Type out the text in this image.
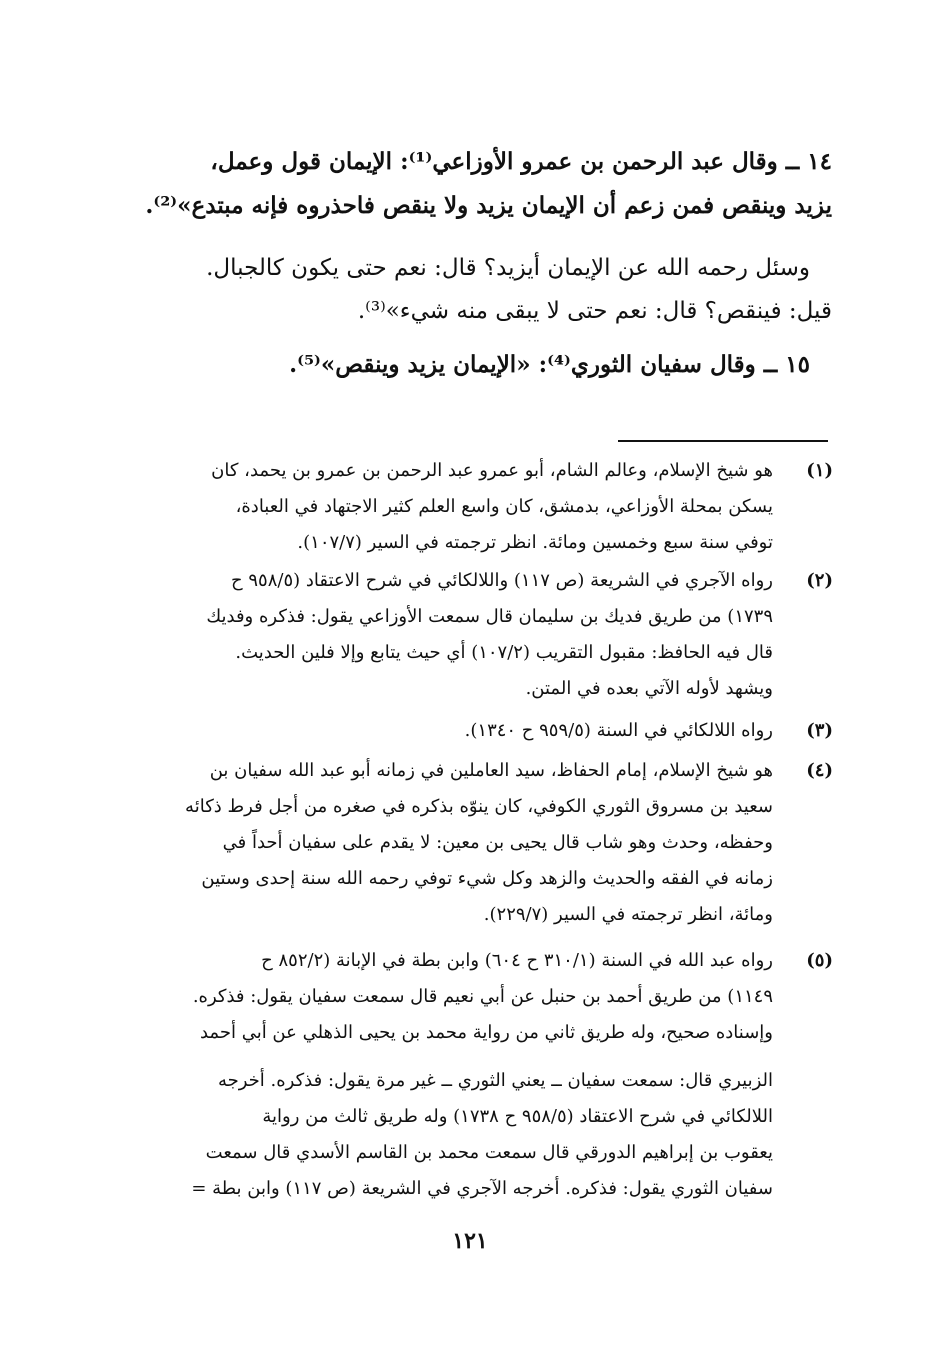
١٤ ــ وقال عبد الرحمن بن عمرو الأوزاعي⁽¹⁾: الإيمان قول وعمل،
يزيد وينقص فمن زعم أن الإيمان يزيد ولا ينقص فاحذروه فإنه مبتدع»⁽²⁾.
وسئل رحمه الله عن الإيمان أيزيد؟ قال: نعم حتى يكون كالجبال.
قيل: فينقص؟ قال: نعم حتى لا يبقى منه شيء»⁽³⁾.
١٥ ــ وقال سفيان الثوري⁽⁴⁾: «الإيمان يزيد وينقص»⁽⁵⁾.
(١)
هو شيخ الإسلام، وعالم الشام، أبو عمرو عبد الرحمن بن عمرو بن يحمد، كان
يسكن بمحلة الأوزاعي، بدمشق، كان واسع العلم كثير الاجتهاد في العبادة،
توفي سنة سبع وخمسين ومائة. انظر ترجمته في السير (١٠٧/٧).
(٢)
رواه الآجري في الشريعة (ص ١١٧) واللالكائي في شرح الاعتقاد (٩٥٨/٥ ح
١٧٣٩) من طريق فديك بن سليمان قال سمعت الأوزاعي يقول: فذكره وفديك
قال فيه الحافظ: مقبول التقريب (١٠٧/٢) أي حيث يتابع وإلا فلين الحديث.
ويشهد لأوله الآتي بعده في المتن.
(٣)
رواه اللالكائي في السنة (٩٥٩/٥ ح ١٣٤٠).
(٤)
هو شيخ الإسلام، إمام الحفاظ، سيد العاملين في زمانه أبو عبد الله سفيان بن
سعيد بن مسروق الثوري الكوفي، كان ينوّه بذكره في صغره من أجل فرط ذكائه
وحفظه، وحدث وهو شاب قال يحيى بن معين: لا يقدم على سفيان أحداً في
زمانه في الفقه والحديث والزهد وكل شيء توفي رحمه الله سنة إحدى وستين
ومائة، انظر ترجمته في السير (٢٢٩/٧).
(٥)
رواه عبد الله في السنة (٣١٠/١ ح ٦٠٤) وابن بطة في الإبانة (٨٥٢/٢ ح
١١٤٩) من طريق أحمد بن حنبل عن أبي نعيم قال سمعت سفيان يقول: فذكره.
وإسناده صحيح، وله طريق ثاني من رواية محمد بن يحيى الذهلي عن أبي أحمد
الزبيري قال: سمعت سفيان ــ يعني الثوري ــ غير مرة يقول: فذكره. أخرجه
اللالكائي في شرح الاعتقاد (٩٥٨/٥ ح ١٧٣٨) وله طريق ثالث من رواية
يعقوب بن إبراهيم الدورقي قال سمعت محمد بن القاسم الأسدي قال سمعت
سفيان الثوري يقول: فذكره. أخرجه الآجري في الشريعة (ص ١١٧) وابن بطة =
١٢١
